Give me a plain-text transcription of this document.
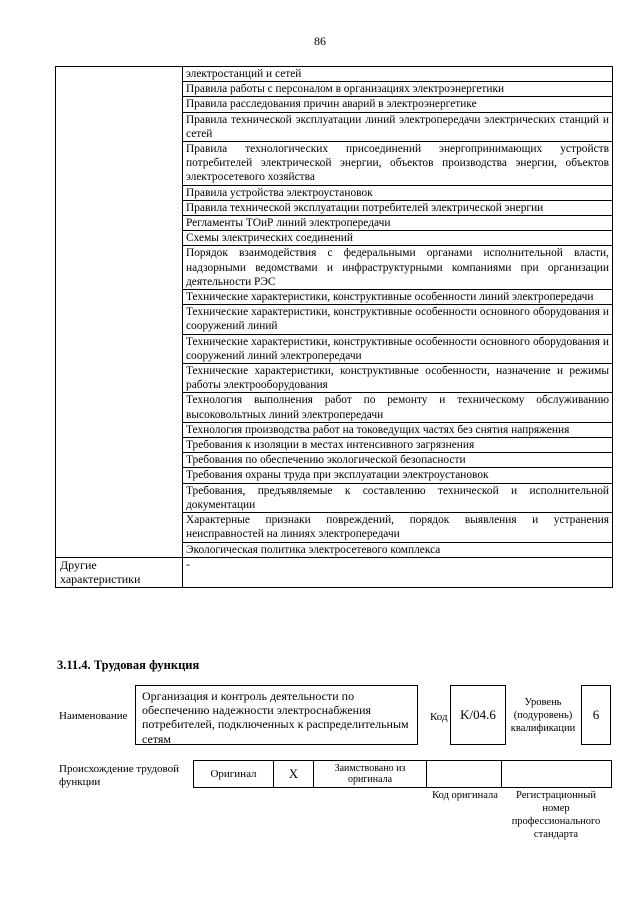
86
	электростанций и сетей
	Правила работы с персоналом в организациях электроэнергетики
	Правила расследования причин аварий в электроэнергетике
	Правила технической эксплуатации линий электропередачи электрических станций и сетей
	Правила технологических присоединений энергопринимающих устройств потребителей электрической энергии, объектов производства энергии, объектов электросетевого хозяйства
	Правила устройства электроустановок
	Правила технической эксплуатации потребителей электрической энергии
	Регламенты ТОиР линий электропередачи
	Схемы электрических соединений
	Порядок взаимодействия с федеральными органами исполнительной власти, надзорными ведомствами и инфраструктурными компаниями при организации деятельности РЭС
	Технические характеристики, конструктивные особенности линий электропередачи
	Технические характеристики, конструктивные особенности основного оборудования и сооружений линий
	Технические характеристики, конструктивные особенности основного оборудования и сооружений линий электропередачи
	Технические характеристики, конструктивные особенности, назначение и режимы работы электрооборудования
	Технология выполнения работ по ремонту и техническому обслуживанию высоковольтных линий электропередачи
	Технология производства работ на токоведущих частях без снятия напряжения
	Требования к изоляции в местах интенсивного загрязнения
	Требования по обеспечению экологической безопасности
	Требования охраны труда при эксплуатации электроустановок
	Требования, предъявляемые к составлению технической и исполнительной документации
	Характерные признаки повреждений, порядок выявления и устранения неисправностей на линиях электропередачи
	Экологическая политика электросетевого комплекса
Другие характеристики	-
3.11.4. Трудовая функция
Наименование
Организация и контроль деятельности по обеспечению надежности электроснабжения потребителей, подключенных к распределительным сетям
Код K/04.6
Уровень (подуровень) квалификации
6
Происхождение трудовой функции
Оригинал	X	Заимствовано из оригинала		
Код оригинала	Регистрационный номер профессионального стандарта
